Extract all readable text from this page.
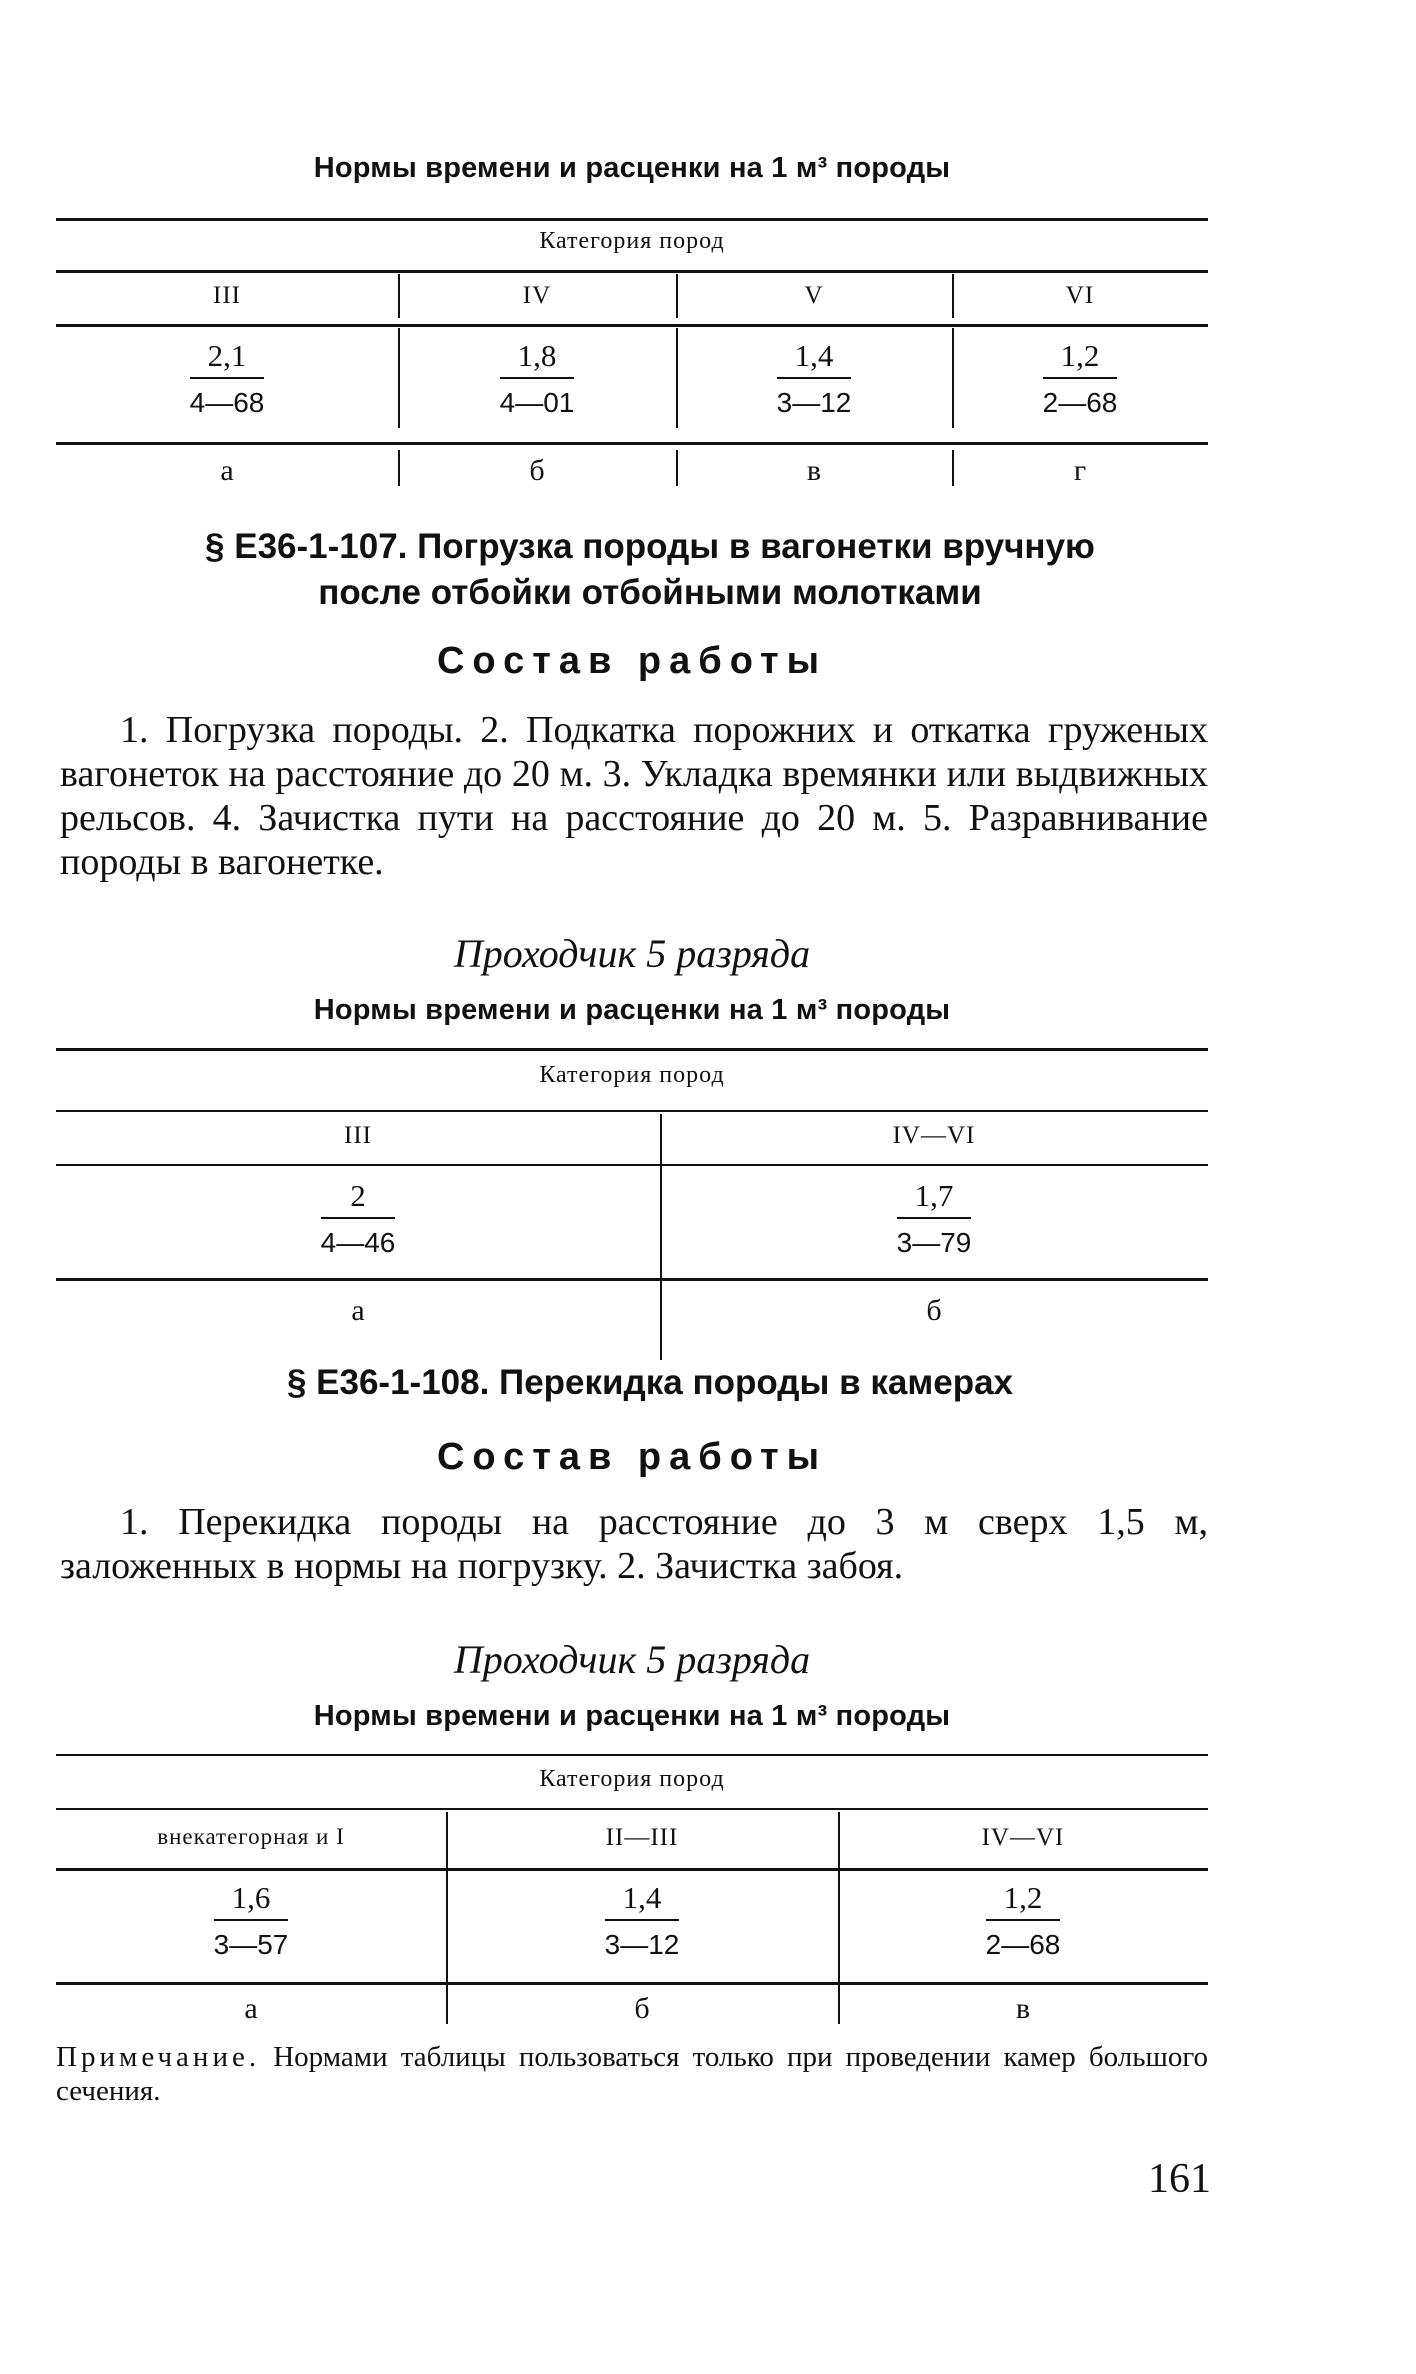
Нормы времени и расценки на 1 м³ породы
Категория пород
III	IV	V	VI
$\frac{2,1}{4—68}$	$\frac{1,8}{4—01}$	$\frac{1,4}{3—12}$	$\frac{1,2}{2—68}$
а	б	в	г
§ Е36-1-107. Погрузка породы в вагонетки вручную
после отбойки отбойными молотками
Состав работы
1. Погрузка породы. 2. Подкатка порожних и откатка груженых вагонеток на расстояние до 20 м. 3. Укладка времянки или выдвижных рельсов. 4. Зачистка пути на расстояние до 20 м. 5. Разравнивание породы в вагонетке.
Проходчик 5 разряда
Нормы времени и расценки на 1 м³ породы
Категория пород
III	IV—VI
$\frac{2}{4—46}$	$\frac{1,7}{3—79}$
а	б
§ Е36-1-108. Перекидка породы в камерах
Состав работы
1. Перекидка породы на расстояние до 3 м сверх 1,5 м, заложенных в нормы на погрузку. 2. Зачистка забоя.
Проходчик 5 разряда
Нормы времени и расценки на 1 м³ породы
Категория пород
внекатегорная и I	II—III	IV—VI
$\frac{1,6}{3—57}$	$\frac{1,4}{3—12}$	$\frac{1,2}{2—68}$
а	б	в
Примечание. Нормами таблицы пользоваться только при проведении камер большого сечения.
161
